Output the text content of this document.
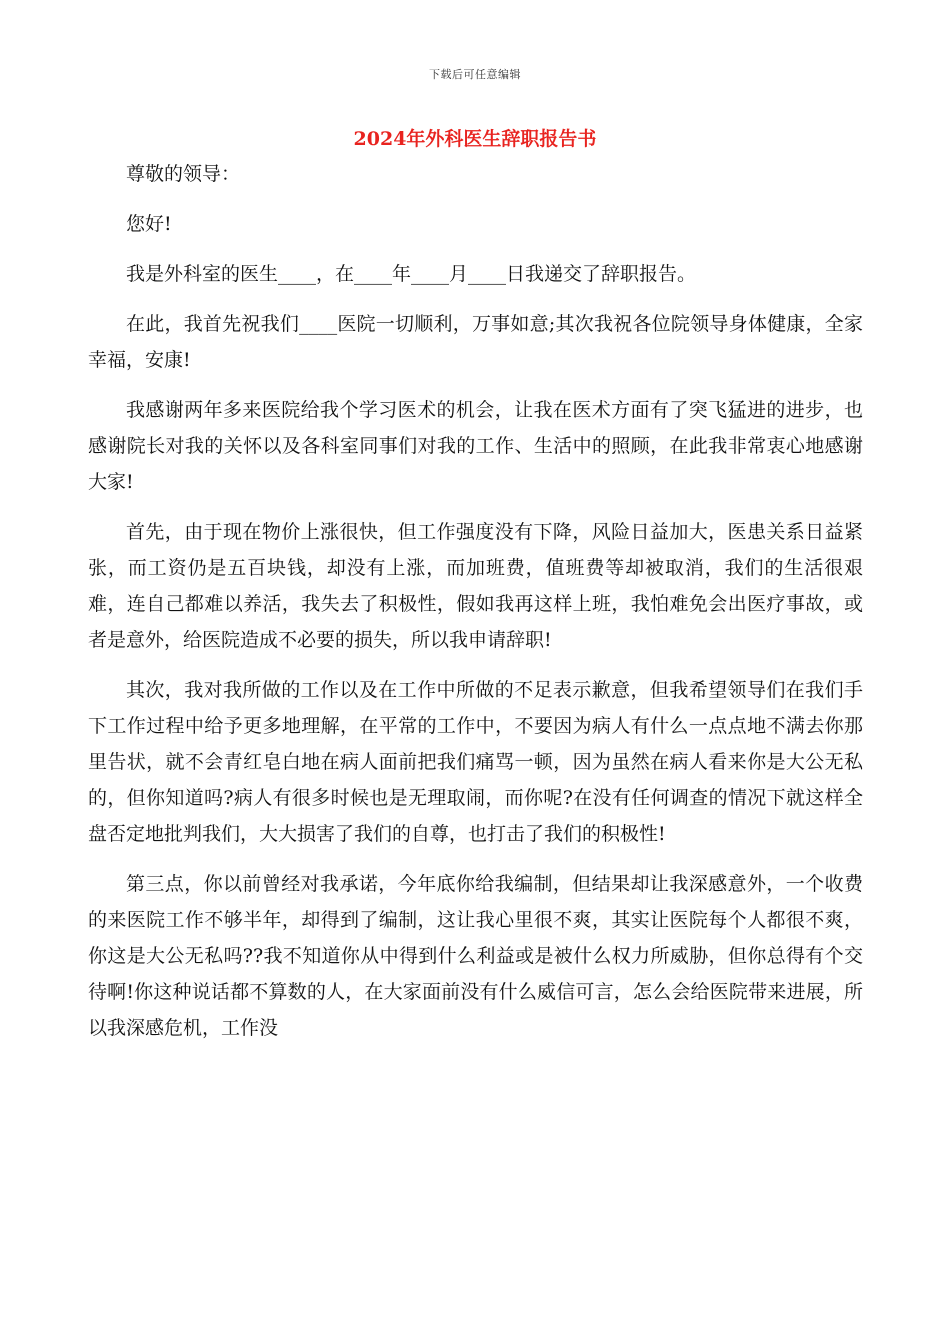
下载后可任意编辑
2024年外科医生辞职报告书

尊敬的领导：

您好!

我是外科室的医生____，在____年____月____日我递交了辞职报告。

在此，我首先祝我们____医院一切顺利，万事如意;其次我祝各位院领导身体健康，全家幸福，安康!

我感谢两年多来医院给我个学习医术的机会，让我在医术方面有了突飞猛进的进步，也感谢院长对我的关怀以及各科室同事们对我的工作、生活中的照顾，在此我非常衷心地感谢大家!

首先，由于现在物价上涨很快，但工作强度没有下降，风险日益加大，医患关系日益紧张，而工资仍是五百块钱，却没有上涨，而加班费，值班费等却被取消，我们的生活很艰难，连自己都难以养活，我失去了积极性，假如我再这样上班，我怕难免会出医疗事故，或者是意外，给医院造成不必要的损失，所以我申请辞职!

其次，我对我所做的工作以及在工作中所做的不足表示歉意，但我希望领导们在我们手下工作过程中给予更多地理解，在平常的工作中，不要因为病人有什么一点点地不满去你那里告状，就不会青红皂白地在病人面前把我们痛骂一顿，因为虽然在病人看来你是大公无私的，但你知道吗?病人有很多时候也是无理取闹，而你呢?在没有任何调查的情况下就这样全盘否定地批判我们，大大损害了我们的自尊，也打击了我们的积极性!

第三点，你以前曾经对我承诺，今年底你给我编制，但结果却让我深感意外，一个收费的来医院工作不够半年，却得到了编制，这让我心里很不爽，其实让医院每个人都很不爽，你这是大公无私吗??我不知道你从中得到什么利益或是被什么权力所威胁，但你总得有个交待啊!你这种说话都不算数的人，在大家面前没有什么威信可言，怎么会给医院带来进展，所以我深感危机，工作没
